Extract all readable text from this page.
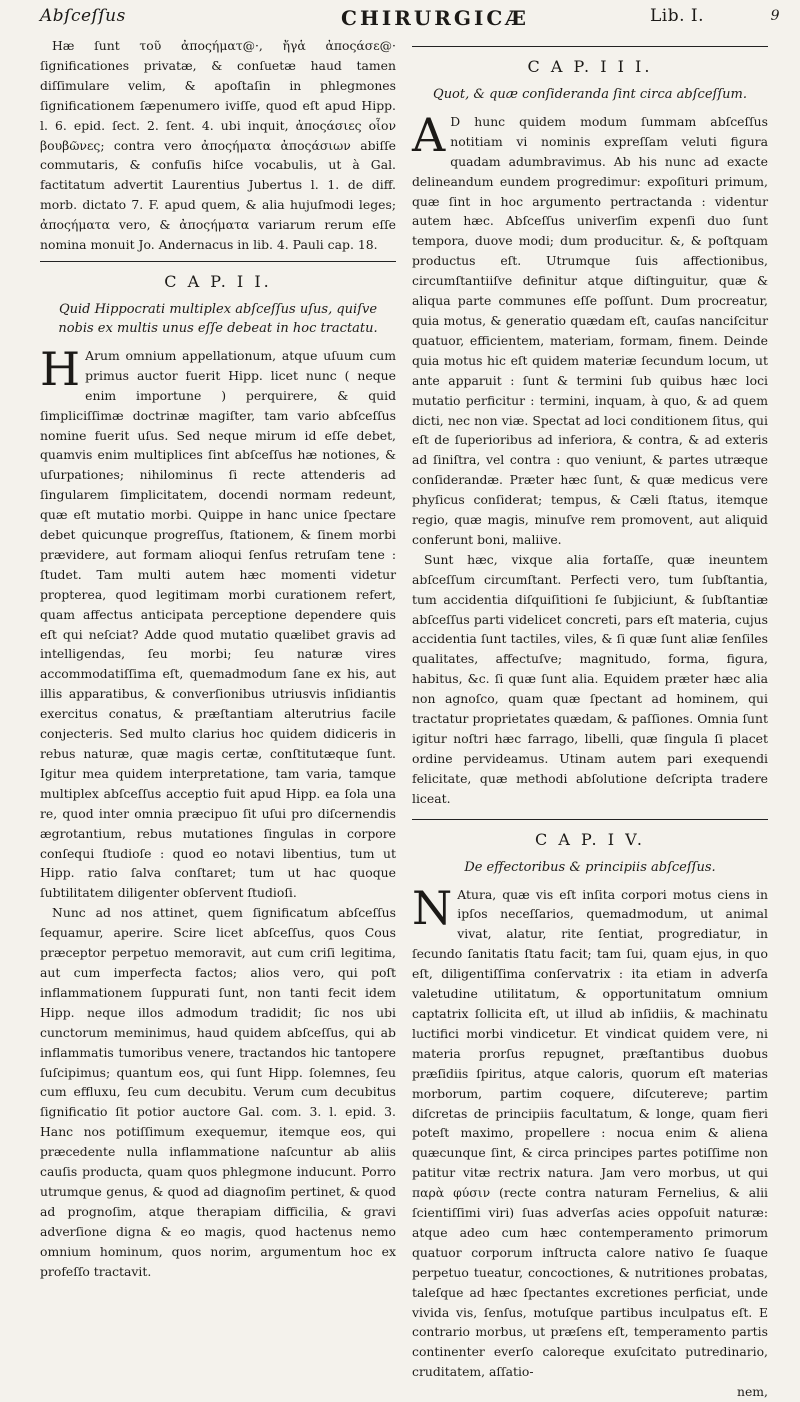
Abſceſſus	CHIRURGICÆ	Lib. I.	9

Hæ ſunt τοῦ ἀποςήματ@·, ἤγἁ ἀποςάσε@· ſignificationes privatæ, & conſuetæ haud tamen diſſimulare velim, & apoſtaſin in phlegmones ſignificationem ſæpenumero iviſſe, quod eſt apud Hipp. l. 6. epid. ſect. 2. ſent. 4. ubi inquit, ἀποςάσιες οἷον βουβῶνες; contra vero ἀποςήματα ἀποςάσιων abiſſe commutaris, & confuſis hiſce vocabulis, ut à Gal. factitatum advertit Laurentius Jubertus l. 1. de diff. morb. dictato 7. F. apud quem, & alia hujuſmodi leges; ἀποςήματα vero, & ἀποςήματα variarum rerum eſſe nomina monuit Jo. Andernacus in lib. 4. Pauli cap. 18.

C A P. I I.
Quid Hippocrati multiplex abſceſſus uſus, quiſve nobis ex multis unus eſſe debeat in hoc tractatu.

H Arum omnium appellationum, atque uſuum cum primus auctor fuerit Hipp. licet nunc ( neque enim importune ) perquirere, & quid ſimpliciſſimæ doctrinæ magiſter, tam vario abſceſſus nomine fuerit uſus. Sed neque mirum id eſſe debet, quamvis enim multiplices ſint abſceſſus hæ notiones, & uſurpationes; nihilominus ſi recte attenderis ad ſingularem ſimplicitatem, docendi normam redeunt, quæ eſt mutatio morbi. Quippe in hanc unice ſpectare debet quicunque progreſſus, ſtationem, & ſinem morbi prævidere, aut formam alioqui ſenſus retruſam tene : ſtudet. Tam multi autem hæc momenti videtur propterea, quod legitimam morbi curationem refert, quam affectus anticipata perceptione dependere quis eſt qui neſciat? Adde quod mutatio quælibet gravis ad intelligendas, ſeu morbi; ſeu naturæ vires accommodatiſſima eſt, quemadmodum ſane ex his, aut illis apparatibus, & converſionibus utriusvis inſidiantis exercitus conatus, & præſtantiam alterutrius facile conjecteris. Sed multo clarius hoc quidem didiceris in rebus naturæ, quæ magis certæ, conſtitutæque ſunt. Igitur mea quidem interpretatione, tam varia, tamque multiplex abſceſſus acceptio fuit apud Hipp. ea ſola una re, quod inter omnia præcipuo ſit uſui pro diſcernendis ægrotantium, rebus mutationes ſingulas in corpore conſequi ſtudioſe : quod eo notavi libentius, tum ut Hipp. ratio ſalva conſtaret; tum ut hac quoque ſubtilitatem diligenter obſervent ſtudioſi.

Nunc ad nos attinet, quem ſignificatum abſceſſus ſequamur, aperire. Scire licet abſceſſus, quos Cous præceptor perpetuo memoravit, aut cum criſi legitima, aut cum imperfecta factos; alios vero, qui poſt inflammationem ſuppurati ſunt, non tanti fecit idem Hipp. neque illos admodum tradidit; ſic nos ubi cunctorum meminimus, haud quidem abſceſſus, qui ab inflammatis tumoribus venere, tractandos hic tantopere ſuſcipimus; quantum eos, qui ſunt Hipp. ſolemnes, ſeu cum effluxu, ſeu cum decubitu. Verum cum decubitus ſignificatio ſit potior auctore Gal. com. 3. l. epid. 3. Hanc nos potiſſimum exequemur, itemque eos, qui præcedente nulla inflammatione naſcuntur ab aliis cauſis producta, quam quos phlegmone inducunt. Porro utrumque genus, & quod ad diagnoſim pertinet, & quod ad prognoſim, atque therapiam difficilia, & gravi adverſione digna & eo magis, quod hactenus nemo omnium hominum, quos norim, argumentum hoc ex profeſſo tractavit.

C A P. I I I.
Quot, & quæ conſideranda ſint circa abſceſſum.

A D hunc quidem modum ſummam abſceſſus notitiam vi nominis expreſſam veluti figura quadam adumbravimus. Ab his nunc ad exacte delineandum eundem progredimur: expoſituri primum, quæ ſint in hoc argumento pertractanda : videntur autem hæc. Abſceſſus univerſim expenſi duo ſunt tempora, duove modi; dum producitur. &, & poſtquam productus eſt. Utrumque ſuis affectionibus, circumſtantiiſve definitur atque diſtinguitur, quæ & aliqua parte communes eſſe poſſunt. Dum procreatur, quia motus, & generatio quædam eſt, cauſas nanciſcitur quatuor, efficientem, materiam, formam, finem. Deinde quia motus hic eſt quidem materiæ ſecundum locum, ut ante apparuit : ſunt & termini ſub quibus hæc loci mutatio perficitur : termini, inquam, à quo, & ad quem dicti, nec non viæ. Spectat ad loci conditionem ſitus, qui eſt de ſuperioribus ad inferiora, & contra, & ad exteris ad ſiniſtra, vel contra : quo veniunt, & partes utræque conſiderandæ. Præter hæc ſunt, & quæ medicus vere phyſicus conſiderat; tempus, & Cæli ſtatus, itemque regio, quæ magis, minuſve rem promovent, aut aliquid conferunt boni, maliive.

Sunt hæc, vixque alia fortaſſe, quæ ineuntem abſceſſum circumſtant. Perfecti vero, tum ſubſtantia, tum accidentia diſquiſitioni ſe ſubjiciunt, & ſubſtantiæ abſceſſus parti videlicet concreti, pars eſt materia, cujus accidentia ſunt tactiles, viles, & ſi quæ ſunt aliæ ſenſiles qualitates, affectuſve; magnitudo, forma, figura, habitus, &c. ſi quæ ſunt alia. Equidem præter hæc alia non agnoſco, quam quæ ſpectant ad hominem, qui tractatur proprietates quædam, & paſſiones. Omnia ſunt igitur noſtri hæc farrago, libelli, quæ ſingula ſi placet ordine pervideamus. Utinam autem pari exequendi felicitate, quæ methodi abſolutione deſcripta tradere liceat.

C A P. I V.
De effectoribus & principiis abſceſſus.

N Atura, quæ vis eſt inſita corpori motus ciens in ipſos neceſſarios, quemadmodum, ut animal vivat, alatur, rite ſentiat, progrediatur, in ſecundo ſanitatis ſtatu facit; tam ſui, quam ejus, in quo eſt, diligentiſſima conſervatrix : ita etiam in adverſa valetudine utilitatum, & opportunitatum omnium captatrix ſollicita eſt, ut illud ab inſidiis, & machinatu luctifici morbi vindicetur. Et vindicat quidem vere, ni materia prorſus repugnet, præſtantibus duobus præſidiis ſpiritus, atque caloris, quorum eſt materias morborum, partim coquere, diſcutereve; partim diſcretas de principiis facultatum, & longe, quam fieri poteſt maximo, propellere : nocua enim & aliena quæcunque ſint, & circa principes partes potiſſime non patitur vitæ rectrix natura. Jam vero morbus, ut qui παρὰ φύσιν (recte contra naturam Fernelius, & alii ſcientiſſimi viri) ſuas adverſas acies oppoſuit naturæ: atque adeo cum hæc contemperamento primorum quatuor corporum inſtructa calore nativo ſe ſuaque perpetuo tueatur, concoctiones, & nutritiones probatas, taleſque ad hæc ſpectantes excretiones perficiat, unde vivida vis, ſenſus, motuſque partibus inculpatus eſt. E contrario morbus, ut præſens eſt, temperamento partis continenter everſo caloreque exuſcitato putredinario, cruditatem, aſſatio-

nem,
